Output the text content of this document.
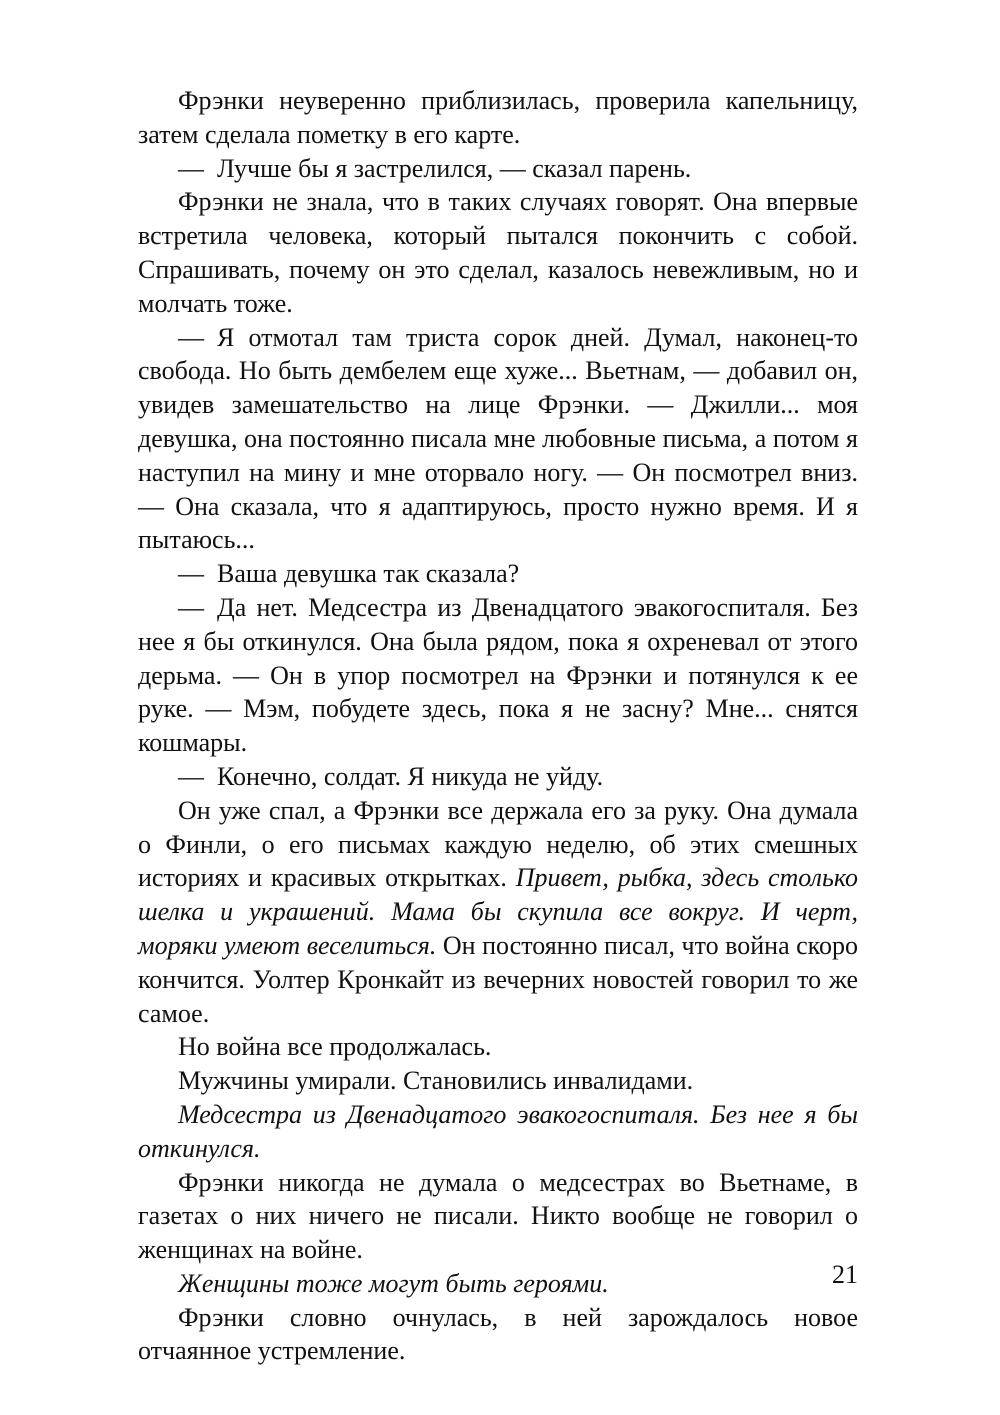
Фрэнки неуверенно приблизилась, проверила капельницу, затем сделала пометку в его карте.

— Лучше бы я застрелился, — сказал парень.

Фрэнки не знала, что в таких случаях говорят. Она впервые встретила человека, который пытался покончить с собой. Спрашивать, почему он это сделал, казалось невежливым, но и молчать тоже.

— Я отмотал там триста сорок дней. Думал, наконец-то свобода. Но быть дембелем еще хуже... Вьетнам, — добавил он, увидев замешательство на лице Фрэнки. — Джилли... моя девушка, она постоянно писала мне любовные письма, а потом я наступил на мину и мне оторвало ногу. — Он посмотрел вниз. — Она сказала, что я адаптируюсь, просто нужно время. И я пытаюсь...

— Ваша девушка так сказала?

— Да нет. Медсестра из Двенадцатого эвакогоспиталя. Без нее я бы откинулся. Она была рядом, пока я охреневал от этого дерьма. — Он в упор посмотрел на Фрэнки и потянулся к ее руке. — Мэм, побудете здесь, пока я не засну? Мне... снятся кошмары.

— Конечно, солдат. Я никуда не уйду.

Он уже спал, а Фрэнки все держала его за руку. Она думала о Финли, о его письмах каждую неделю, об этих смешных историях и красивых открытках. Привет, рыбка, здесь столько шелка и украшений. Мама бы скупила все вокруг. И черт, моряки умеют веселиться. Он постоянно писал, что война скоро кончится. Уолтер Кронкайт из вечерних новостей говорил то же самое.

Но война все продолжалась.

Мужчины умирали. Становились инвалидами.

Медсестра из Двенадцатого эвакогоспиталя. Без нее я бы откинулся.

Фрэнки никогда не думала о медсестрах во Вьетнаме, в газетах о них ничего не писали. Никто вообще не говорил о женщинах на войне.

Женщины тоже могут быть героями.

Фрэнки словно очнулась, в ней зарождалось новое отчаянное устремление.

21
